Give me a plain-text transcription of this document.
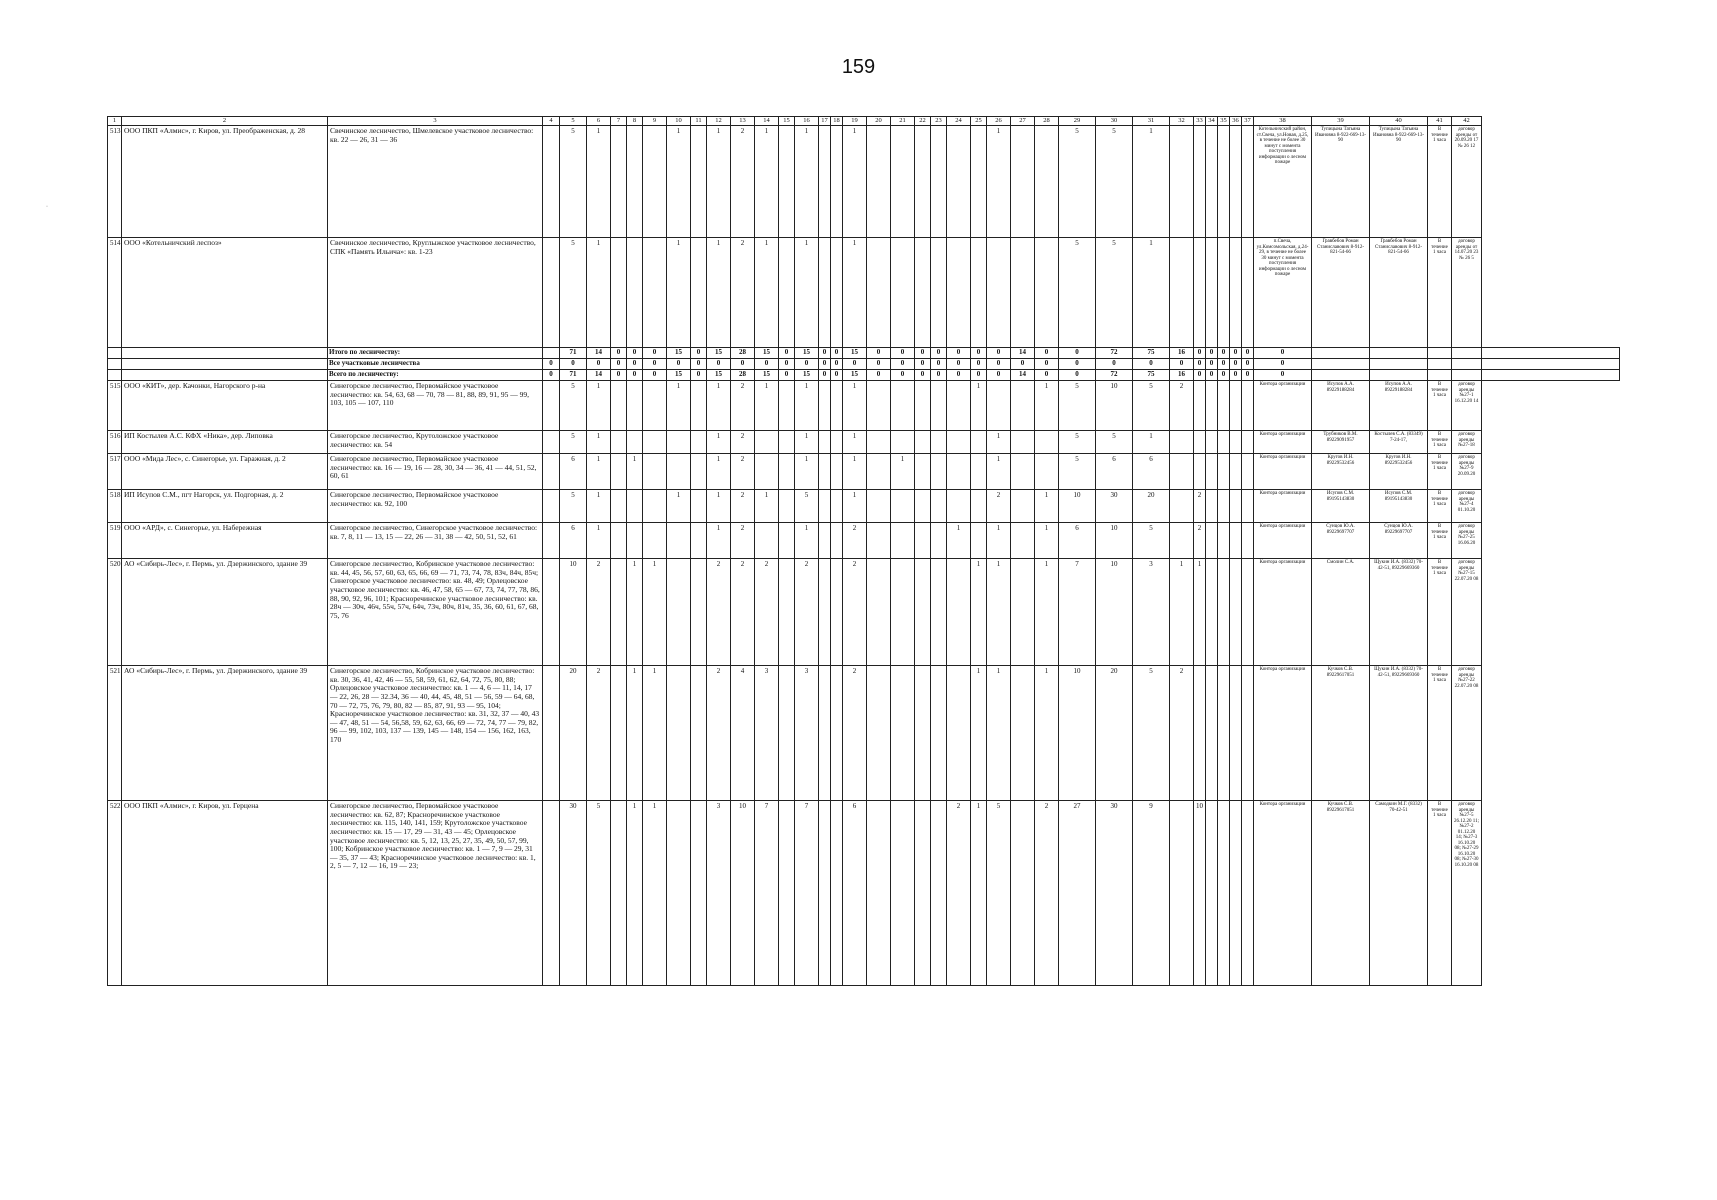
159
1	2	3	4	5	6	7	8	9	10	11	12	13	14	15	16	17	18	19	20	21	22	23	24	25	26	27	28	29	30	31	32	33	34	35	36	37	38	39	40	41	42	
513	ООО ПКП «Алмис», г. Киров, ул. Преображенская, д. 28	Свечинское лесничество, Шмелевское участковое лесничество: кв. 22 — 26, 31 — 36		5	1				1		1	2	1		1			1							1			5	5	1							Котельничский район, ст.Свеча, ул.Новая, д.25, в течение не более 30 минут с момента поступления информации о лесном пожаре	Тупицына Татьяна Ивановна 8-922-669-13-90	Тупицына Татьяна Ивановна 8-922-669-13-90	В течение 1 часа	договор аренды от 20.09.20 17 № 26 12	
514	ООО «Котельничский леспоз»	Свечинское лесничество, Круглыжское участковое лесничество, СПК «Память Ильича»: кв. 1-23		5	1				1		1	2	1		1			1										5	5	1							п.Свеча, ул.Комсомольская, д.24-29, в течение не более 30 минут с момента поступления информации о лесном пожаре	Гравбебов Роман Станиславович 8-912-821-54-66	Гравбебов Роман Станиславович 8-912-821-54-66	В течение 1 часа	договор аренды от 14.07.20 23 № 26 5	
		Итого по лесничеству:		71	14	0	0	0	15	0	15	28	15	0	15	0	0	15	0	0	0	0	0	0	0	14	0	0	72	75	16	0	0	0	0	0	0					
		Все участковые лесничества	0	0	0	0	0	0	0	0	0	0	0	0	0	0	0	0	0	0	0	0	0	0	0	0	0	0	0	0	0	0	0	0	0	0	0					
		Всего по лесничеству:	0	71	14	0	0	0	15	0	15	28	15	0	15	0	0	15	0	0	0	0	0	0	0	14	0	0	72	75	16	0	0	0	0	0	0					
515	ООО «КИТ», дер. Качонки, Нагорского р-на	Синегорское лесничество, Первомайское участковое лесничество: кв. 54, 63, 68 — 70, 78 — 81, 88, 89, 91, 95 — 99, 103, 105 — 107, 110		5	1				1		1	2	1		1			1						1			1	5	10	5	2						Контора организации	Исупов А.А. 89229188284	Исупов А.А. 89229188284	В течение 1 часа	договор аренды №27-1 16.12.20 14	
516	ИП Костылев А.С. КФХ «Ника», дер. Липовка	Синегорское лесничество, Крутоложское участковое лесничество: кв. 54		5	1						1	2			1			1							1			5	5	1							Контора организации	Трубников В.М. 89229091957	Костылев С.А. (83349) 7-24-17,	В течение 1 часа	договор аренды №27-18	
517	ООО «Мида Лес», с. Синегорье, ул. Гаражная, д. 2	Синегорское лесничество, Первомайское участковое лесничество: кв. 16 — 19, 16 — 28, 30, 34 — 36, 41 — 44, 51, 52, 60, 61		6	1		1				1	2			1			1		1					1			5	6	6							Контора организации	Кругов И.Н. 89229532456	Кругов И.Н. 89229532456	В течение 1 часа	договор аренды №27-9 20.09.20	
518	ИП Исупов С.М., пгт Нагорск, ул. Подгорная, д. 2	Синегорское лесничество, Первомайское участковое лесничество: кв. 92, 100		5	1				1		1	2	1		5			1							2		1	10	30	20		2					Контора организации	Исупов С.М. 89195143830	Исупов С.М. 89195143830	В течение 1 часа	договор аренды №27-4 01.10.20	
519	ООО «АРД», с. Синегорье, ул. Набережная	Синегорское лесничество, Синегорское участковое лесничество: кв. 7, 8, 11 — 13, 15 — 22, 26 — 31, 38 — 42, 50, 51, 52, 61		6	1						1	2			1			2					1		1		1	6	10	5		2					Контора организации	Сунцов Ю.А. 89229697707	Сунцов Ю.А. 89229697707	В течение 1 часа	договор аренды №27-25 16.06.20	
520	АО «Сибирь-Лес», г. Пермь, ул. Дзержинского, здание 39	Синегорское лесничество, Кобринское участковое лесничество: кв. 44, 45, 56, 57, 60, 63, 65, 66, 69 — 71, 73, 74, 78, 83ч, 84ч, 85ч; Синегорское участковое лесничество: кв. 48, 49; Орлецовское участковое лесничество: кв. 46, 47, 58, 65 — 67, 73, 74, 77, 78, 86, 88, 90, 92, 96, 101; Красноречинское участковое лесничество: кв. 28ч — 30ч, 46ч, 55ч, 57ч, 64ч, 73ч, 80ч, 81ч, 35, 36, 60, 61, 67, 68, 75, 76		10	2		1	1			2	2	2		2			2						1	1		1	7	10	3	1	1					Контора организации	Смолин С.А.	Щукин И.А. (8332) 70-42-51, 89229669360	В течение 1 часа	договор аренды №27-15 22.07.20 08	
521	АО «Сибирь-Лес», г. Пермь, ул. Дзержинского, здание 39	Синегорское лесничество, Кобринское участковое лесничество: кв. 30, 36, 41, 42, 46 — 55, 58, 59, 61, 62, 64, 72, 75, 80, 88; Орлецовское участковое лесничество: кв. 1 — 4, 6 — 11, 14, 17 — 22, 26, 28 — 32.34, 36 — 40, 44, 45, 48, 51 — 56, 59 — 64, 68, 70 — 72, 75, 76, 79, 80, 82 — 85, 87, 91, 93 — 95, 104; Красноречинское участковое лесничество: кв. 31, 32, 37 — 40, 43 — 47, 48, 51 — 54, 56,58, 59, 62, 63, 66, 69 — 72, 74, 77 — 79, 82, 96 — 99, 102, 103, 137 — 139, 145 — 148, 154 — 156, 162, 163, 170		20	2		1	1			2	4	3		3			2						1	1		1	10	20	5	2						Контора организации	Кучков С.В. 89229617051	Щукин И.А. (8332) 70-42-51, 89229669360	В течение 1 часа	договор аренды №27-22 22.07.20 08	
522	ООО ПКП «Алмис», г. Киров, ул. Герцена	Синегорское лесничество, Первомайское участковое лесничество: кв. 62, 87; Красноречинское участковое лесничество: кв. 115, 140, 141, 159; Крутоложское участковое лесничество: кв. 15 — 17, 29 — 31, 43 — 45; Орлецовское участковое лесничество: кв. 5, 12, 13, 25, 27, 35, 49, 50, 57, 99, 100; Кобринское участковое лесничество: кв. 1 — 7, 9 — 29, 31 — 35, 37 — 43; Красноречинское участковое лесничество: кв. 1, 2, 5 — 7, 12 — 16, 19 — 23;		30	5		1	1			3	10	7		7			6					2	1	5		2	27	30	9		10					Контора организации	Кучков С.В. 89229617051	Самодкин М.Г. (8332) 70-42-51	В течение 1 часа	договор аренды №27-5 26.12.20 11; №27-2 01.12.20 14; №27-3 16.10.20 08; №27-29 16.10.20 08; №27-30 16.10.20 08	
·
